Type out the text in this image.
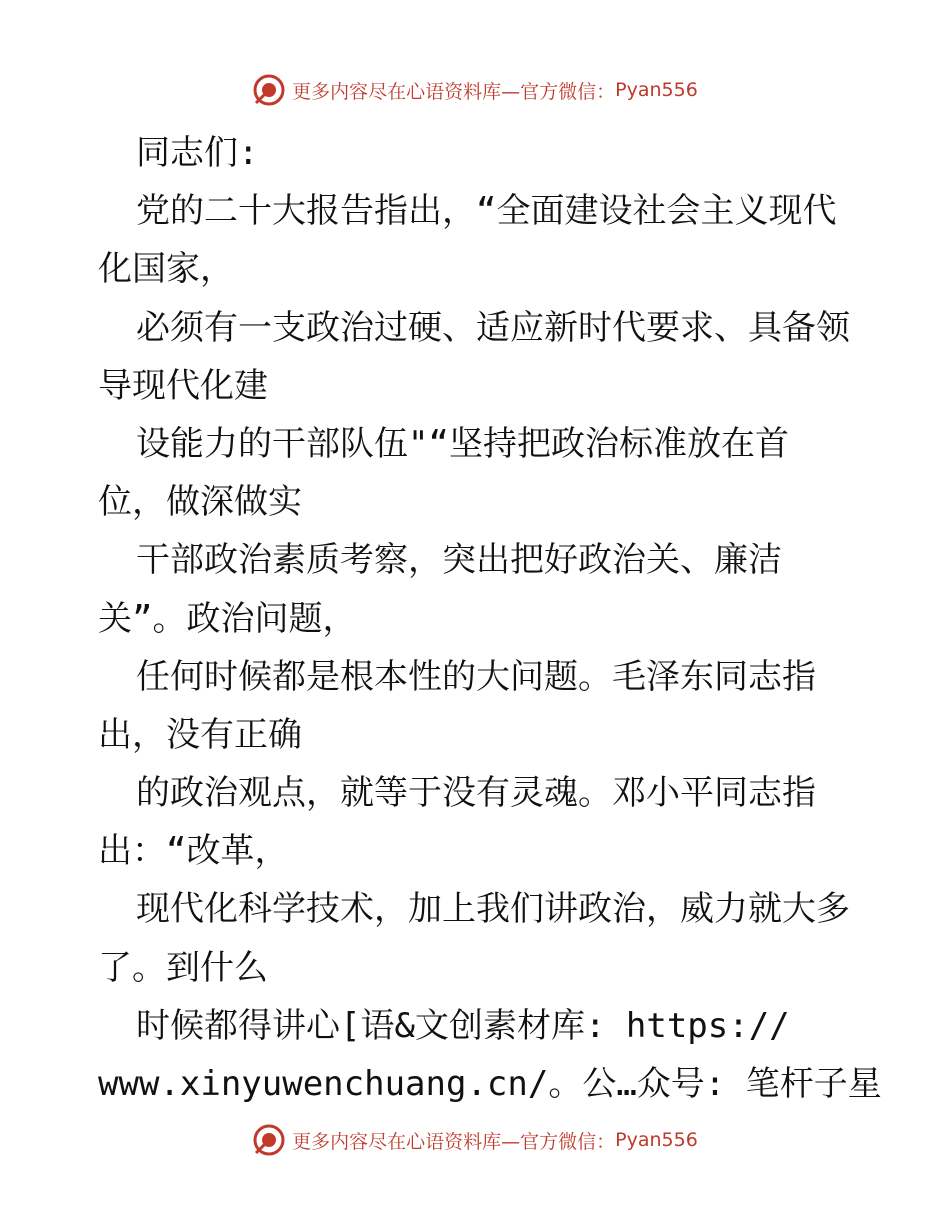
更多内容尽在心语资料库—官方微信： Pyan556
同志们:
党的二十大报告指出，“全面建设社会主义现代
化国家，
必须有一支政治过硬、适应新时代要求、具备领
导现代化建
设能力的干部队伍"“坚持把政治标准放在首
位，做深做实
干部政治素质考察，突出把好政治关、廉洁
关”。政治问题，
任何时候都是根本性的大问题。毛泽东同志指
出，没有正确
的政治观点，就等于没有灵魂。邓小平同志指
出：“改革，
现代化科学技术，加上我们讲政治，威力就大多
了。到什么
时候都得讲心[语&文创素材库: https://
www.xinyuwenchuang.cn/。公…众号: 笔杆子星
更多内容尽在心语资料库—官方微信： Pyan556
